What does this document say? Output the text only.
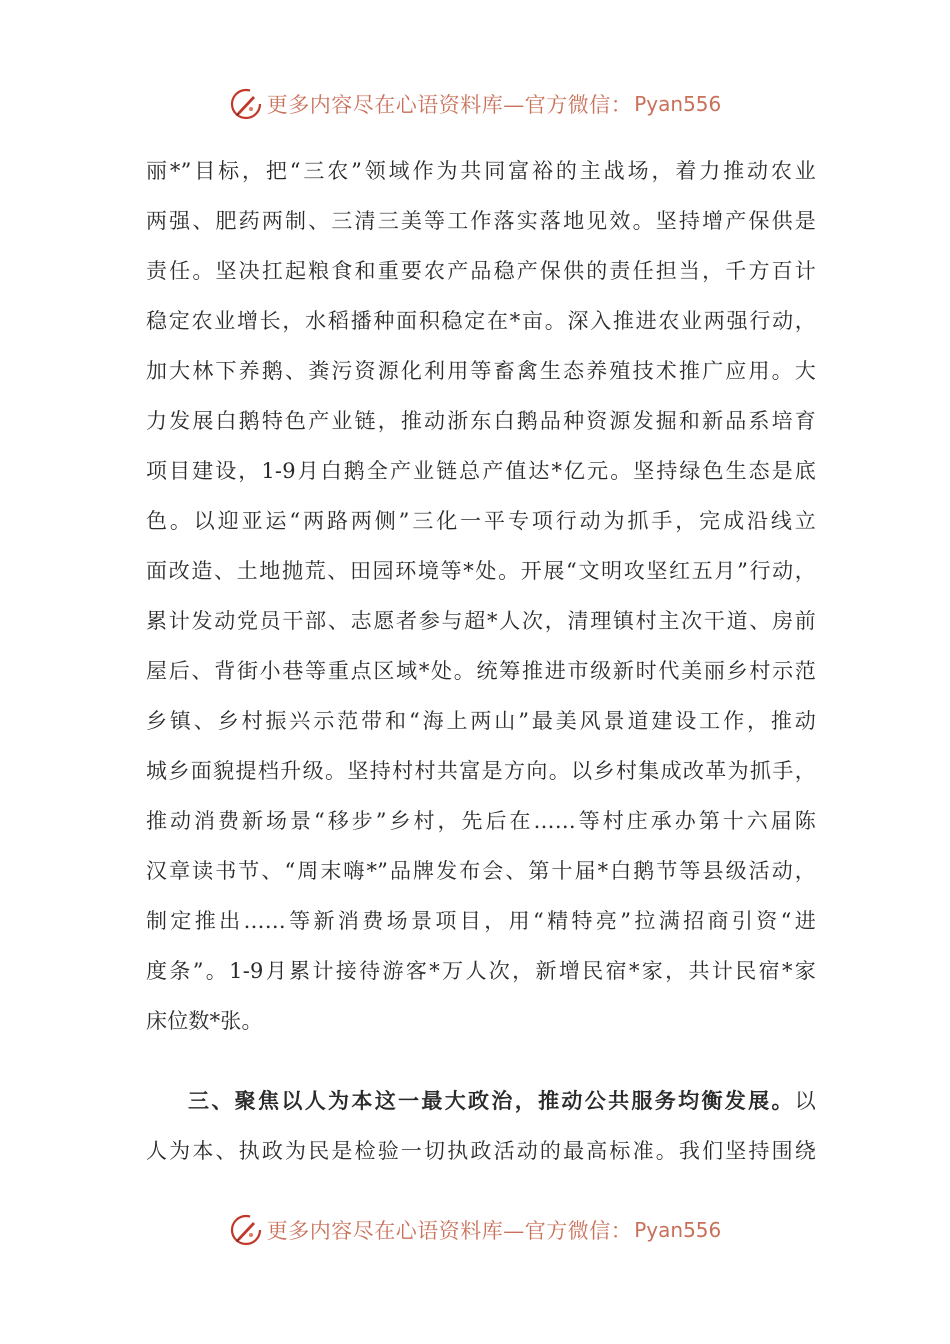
更多内容尽在心语资料库—官方微信： Pyan556
丽*”目标，把“三农”领域作为共同富裕的主战场，着力推动农业
两强、肥药两制、三清三美等工作落实落地见效。坚持增产保供是
责任。坚决扛起粮食和重要农产品稳产保供的责任担当，千方百计
稳定农业增长，水稻播种面积稳定在*亩。深入推进农业两强行动，
加大林下养鹅、粪污资源化利用等畜禽生态养殖技术推广应用。大
力发展白鹅特色产业链，推动浙东白鹅品种资源发掘和新品系培育
项目建设，1-9月白鹅全产业链总产值达*亿元。坚持绿色生态是底
色。以迎亚运“两路两侧”三化一平专项行动为抓手，完成沿线立
面改造、土地抛荒、田园环境等*处。开展“文明攻坚红五月”行动，
累计发动党员干部、志愿者参与超*人次，清理镇村主次干道、房前
屋后、背街小巷等重点区域*处。统筹推进市级新时代美丽乡村示范
乡镇、乡村振兴示范带和“海上两山”最美风景道建设工作，推动
城乡面貌提档升级。坚持村村共富是方向。以乡村集成改革为抓手，
推动消费新场景“移步”乡村，先后在……等村庄承办第十六届陈
汉章读书节、“周末嗨*”品牌发布会、第十届*白鹅节等县级活动，
制定推出……等新消费场景项目，用“精特亮”拉满招商引资“进
度条”。1-9月累计接待游客*万人次，新增民宿*家，共计民宿*家
床位数*张。
三、聚焦以人为本这一最大政治，推动公共服务均衡发展。以
人为本、执政为民是检验一切执政活动的最高标准。我们坚持围绕
更多内容尽在心语资料库—官方微信： Pyan556
